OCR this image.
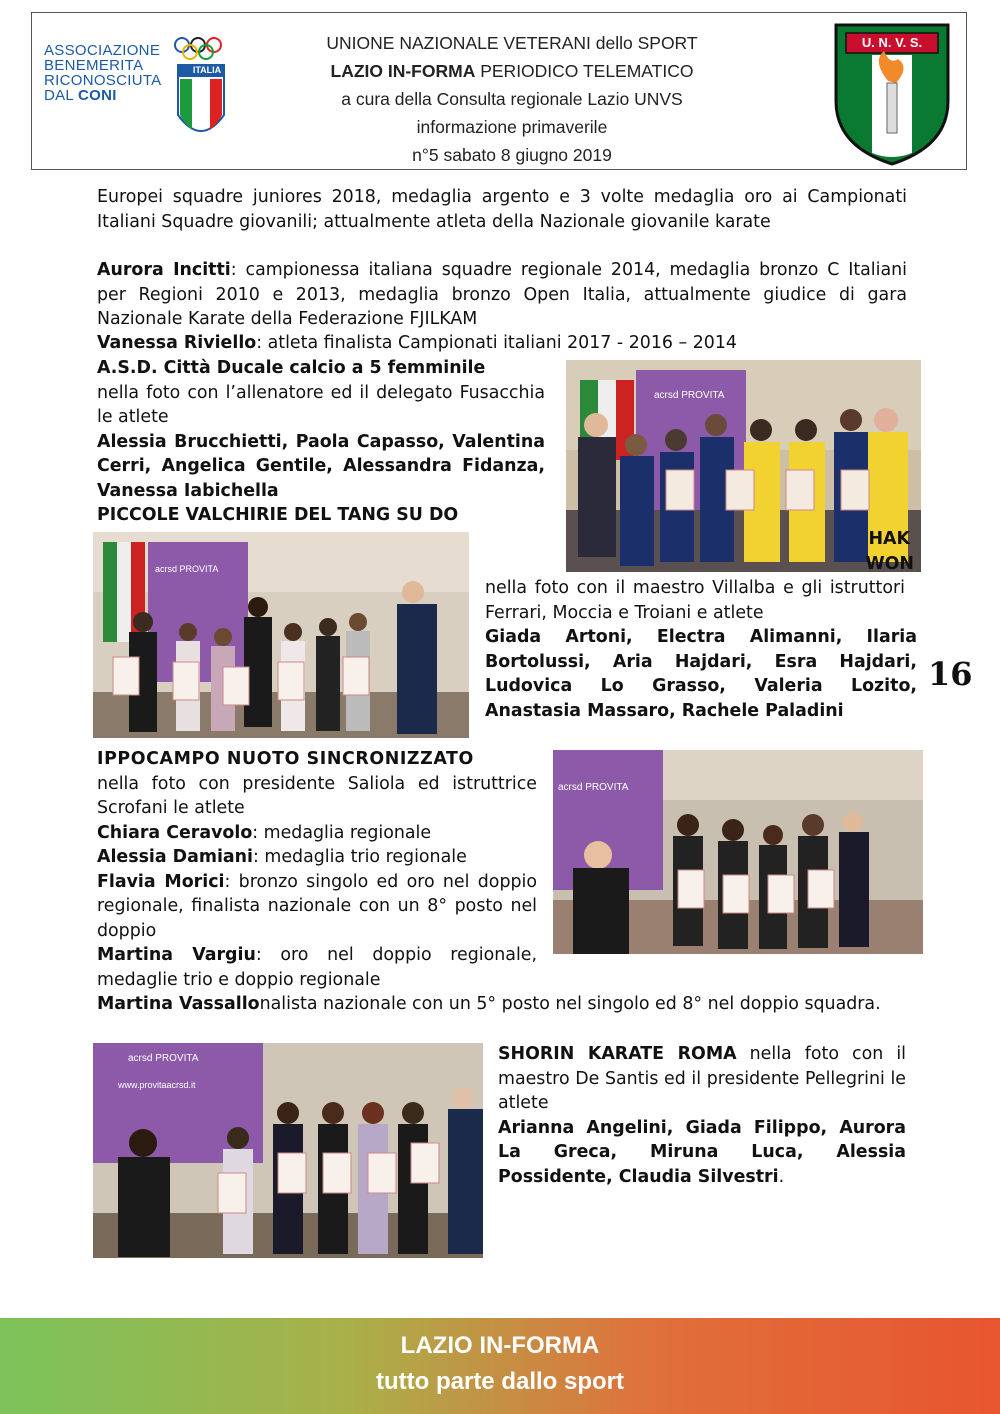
ASSOCIAZIONE
BENEMERITA
RICONOSCIUTA
DAL CONI
ITALIA
UNIONE NAZIONALE VETERANI dello SPORT
LAZIO IN-FORMA PERIODICO TELEMATICO
a cura della Consulta regionale Lazio UNVS
informazione primaverile
n°5 sabato 8 giugno 2019
U. N. V. S.

Europei squadre juniores 2018, medaglia argento e 3 volte medaglia oro ai Campionati Italiani Squadre giovanili; attualmente atleta della Nazionale giovanile karate

Aurora Incitti: campionessa italiana squadre regionale 2014, medaglia bronzo C Italiani per Regioni 2010 e 2013, medaglia bronzo Open Italia, attualmente giudice di gara Nazionale Karate della Federazione FJILKAM

Vanessa Riviello: atleta finalista Campionati italiani 2017 - 2016 – 2014

A.S.D. Città Ducale calcio a 5 femminile
nella foto con l’allenatore ed il delegato Fusacchia le atlete
Alessia Brucchietti, Paola Capasso, Valentina Cerri, Angelica Gentile, Alessandra Fidanza, Vanessa Iabichella

acrsd PROVITA

PICCOLE VALCHIRIE DEL TANG SU DO

acrsd PROVITA
HAK
WON
nella foto con il maestro Villalba e gli istruttori Ferrari, Moccia e Troiani e atlete
Giada Artoni, Electra Alimanni, Ilaria Bortolussi, Aria Hajdari, Esra Hajdari, Ludovica Lo Grasso, Valeria Lozito, Anastasia Massaro, Rachele Paladini
16
IPPOCAMPO NUOTO SINCRONIZZATO
nella foto con presidente Saliola ed istruttrice Scrofani le atlete
Chiara Ceravolo: medaglia regionale
Alessia Damiani: medaglia trio regionale
Flavia Morici: bronzo singolo ed oro nel doppio regionale, finalista nazionale con un 8° posto nel doppio
Martina Vargiu: oro nel doppio regionale, medaglie trio e doppio regionale

Martina Vassallonalista nazionale con un 5° posto nel singolo ed 8° nel doppio squadra.

acrsd PROVITA
acrsd PROVITA
www.provitaacrsd.it
SHORIN KARATE ROMA nella foto con il maestro De Santis ed il presidente Pellegrini le atlete
Arianna Angelini, Giada Filippo, Aurora La Greca, Miruna Luca, Alessia Possidente, Claudia Silvestri.
LAZIO IN-FORMA
tutto parte dallo sport
